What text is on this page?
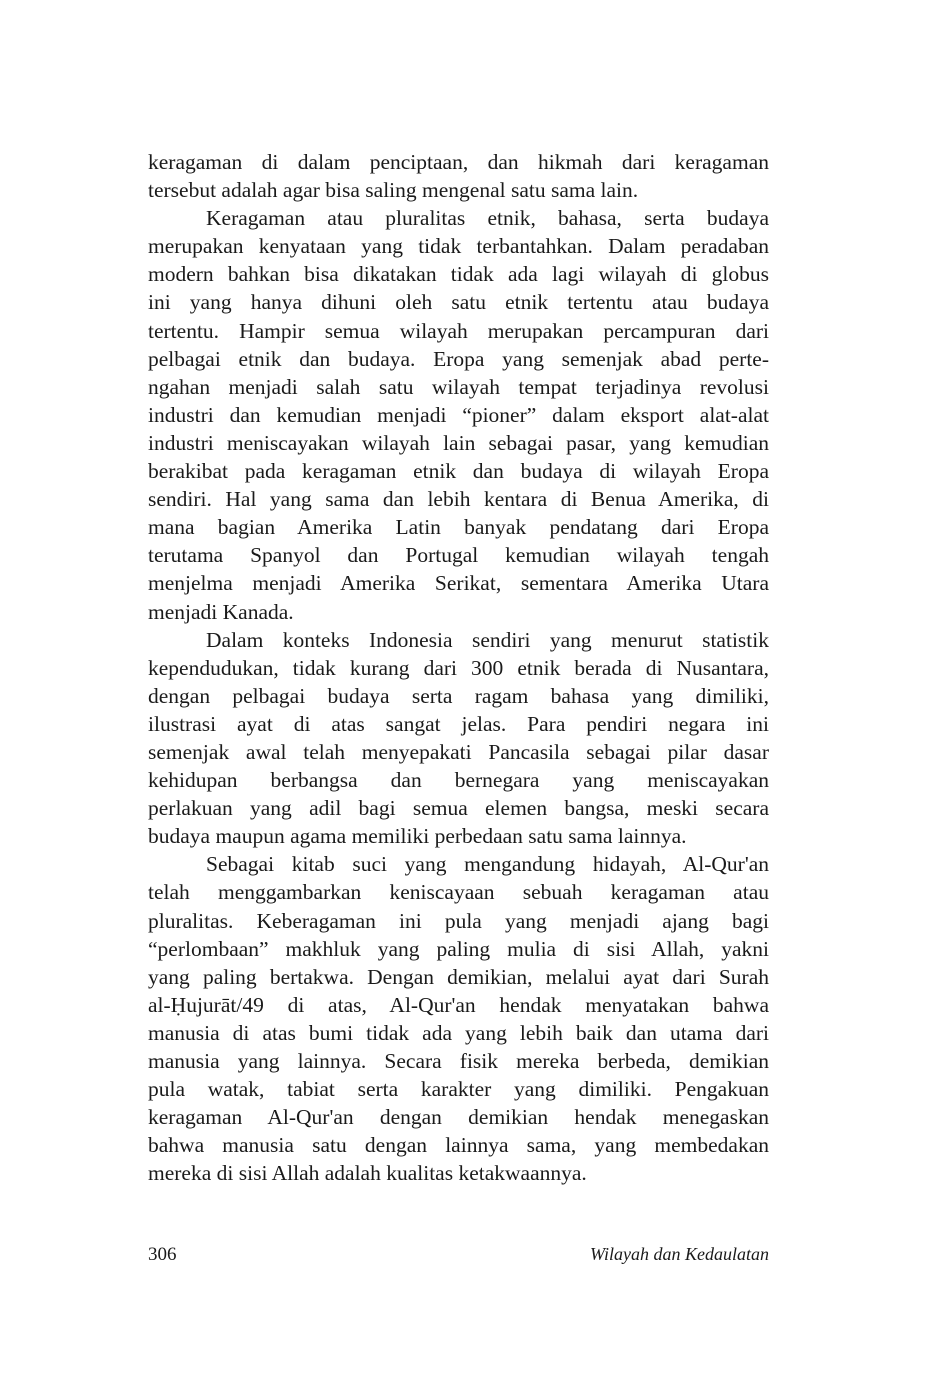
keragaman di dalam penciptaan, dan hikmah dari keragaman
tersebut adalah agar bisa saling mengenal satu sama lain.
Keragaman atau pluralitas etnik, bahasa, serta budaya
merupakan kenyataan yang tidak terbantahkan. Dalam peradaban
modern bahkan bisa dikatakan tidak ada lagi wilayah di globus
ini yang hanya dihuni oleh satu etnik tertentu atau budaya
tertentu. Hampir semua wilayah merupakan percampuran dari
pelbagai etnik dan budaya. Eropa yang semenjak abad perte-
ngahan menjadi salah satu wilayah tempat terjadinya revolusi
industri dan kemudian menjadi “pioner” dalam eksport alat-alat
industri meniscayakan wilayah lain sebagai pasar, yang kemudian
berakibat pada keragaman etnik dan budaya di wilayah Eropa
sendiri. Hal yang sama dan lebih kentara di Benua Amerika, di
mana bagian Amerika Latin banyak pendatang dari Eropa
terutama Spanyol dan Portugal kemudian wilayah tengah
menjelma menjadi Amerika Serikat, sementara Amerika Utara
menjadi Kanada.
Dalam konteks Indonesia sendiri yang menurut statistik
kependudukan, tidak kurang dari 300 etnik berada di Nusantara,
dengan pelbagai budaya serta ragam bahasa yang dimiliki,
ilustrasi ayat di atas sangat jelas. Para pendiri negara ini
semenjak awal telah menyepakati Pancasila sebagai pilar dasar
kehidupan berbangsa dan bernegara yang meniscayakan
perlakuan yang adil bagi semua elemen bangsa, meski secara
budaya maupun agama memiliki perbedaan satu sama lainnya.
Sebagai kitab suci yang mengandung hidayah, Al-Qur'an
telah menggambarkan keniscayaan sebuah keragaman atau
pluralitas. Keberagaman ini pula yang menjadi ajang bagi
“perlombaan” makhluk yang paling mulia di sisi Allah, yakni
yang paling bertakwa. Dengan demikian, melalui ayat dari Surah
al-Ḥujurāt/49 di atas, Al-Qur'an hendak menyatakan bahwa
manusia di atas bumi tidak ada yang lebih baik dan utama dari
manusia yang lainnya. Secara fisik mereka berbeda, demikian
pula watak, tabiat serta karakter yang dimiliki. Pengakuan
keragaman Al-Qur'an dengan demikian hendak menegaskan
bahwa manusia satu dengan lainnya sama, yang membedakan
mereka di sisi Allah adalah kualitas ketakwaannya.
306	Wilayah dan Kedaulatan
